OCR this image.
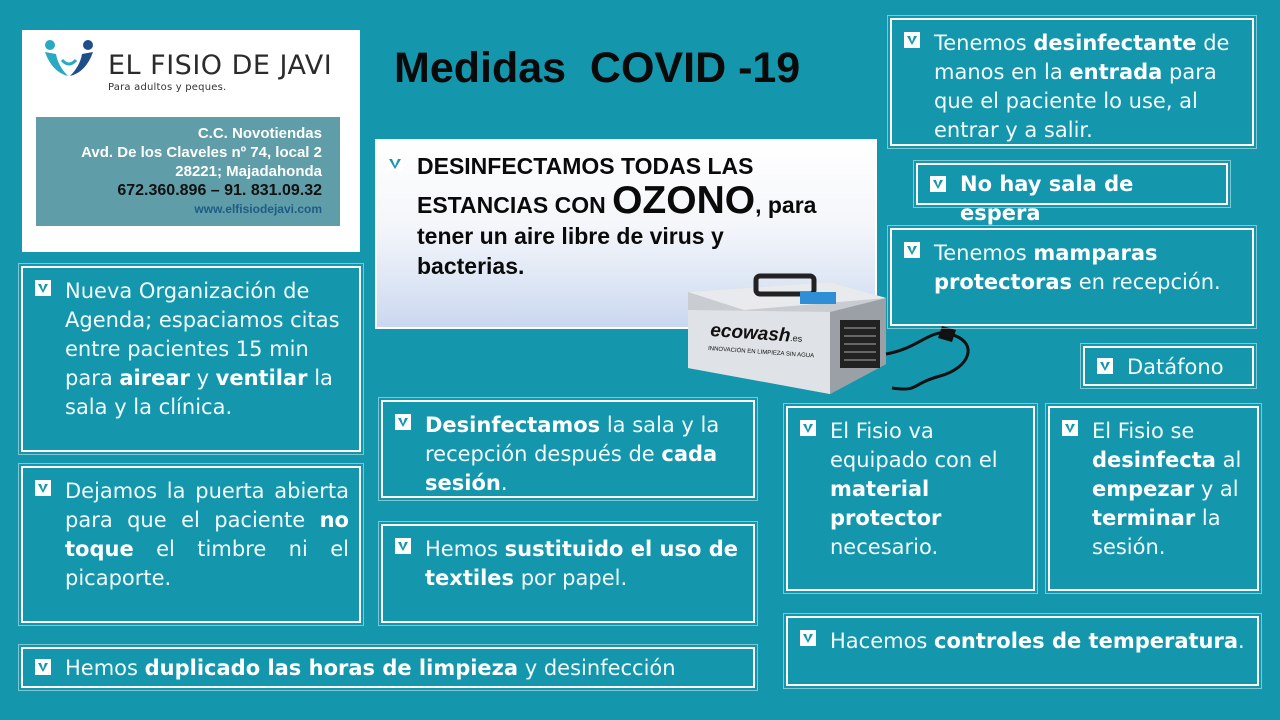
EL FISIO DE JAVI
Para adultos y peques.
C.C. Novotiendas
Avd. De los Claveles nº 74, local 2
28221; Majadahonda
672.360.896 – 91. 831.09.32
www.elfisiodejavi.com
Medidas  COVID -19
DESINFECTAMOS TODAS LAS
ESTANCIAS CON OZONO, para
tener un aire libre de virus y
bacterias.
ecowash
.es
INNOVACIÓN EN LIMPIEZA SIN AGUA
Nueva Organización de Agenda; espaciamos citas entre pacientes 15 min para airear y ventilar la sala y la clínica.
Dejamos la puerta abierta para que el paciente no toque el timbre ni el picaporte.
Hemos duplicado las horas de limpieza y desinfección
Desinfectamos la sala y la recepción después de cada sesión.
Hemos sustituido el uso de textiles por papel.
Tenemos desinfectante de manos en la entrada para que el paciente lo use, al entrar y a salir.
No hay sala de espera
Tenemos mamparas protectoras en recepción.
Datáfono
El Fisio va equipado con el material protector necesario.
El Fisio se desinfecta al empezar y al terminar la sesión.
Hacemos controles de temperatura.
